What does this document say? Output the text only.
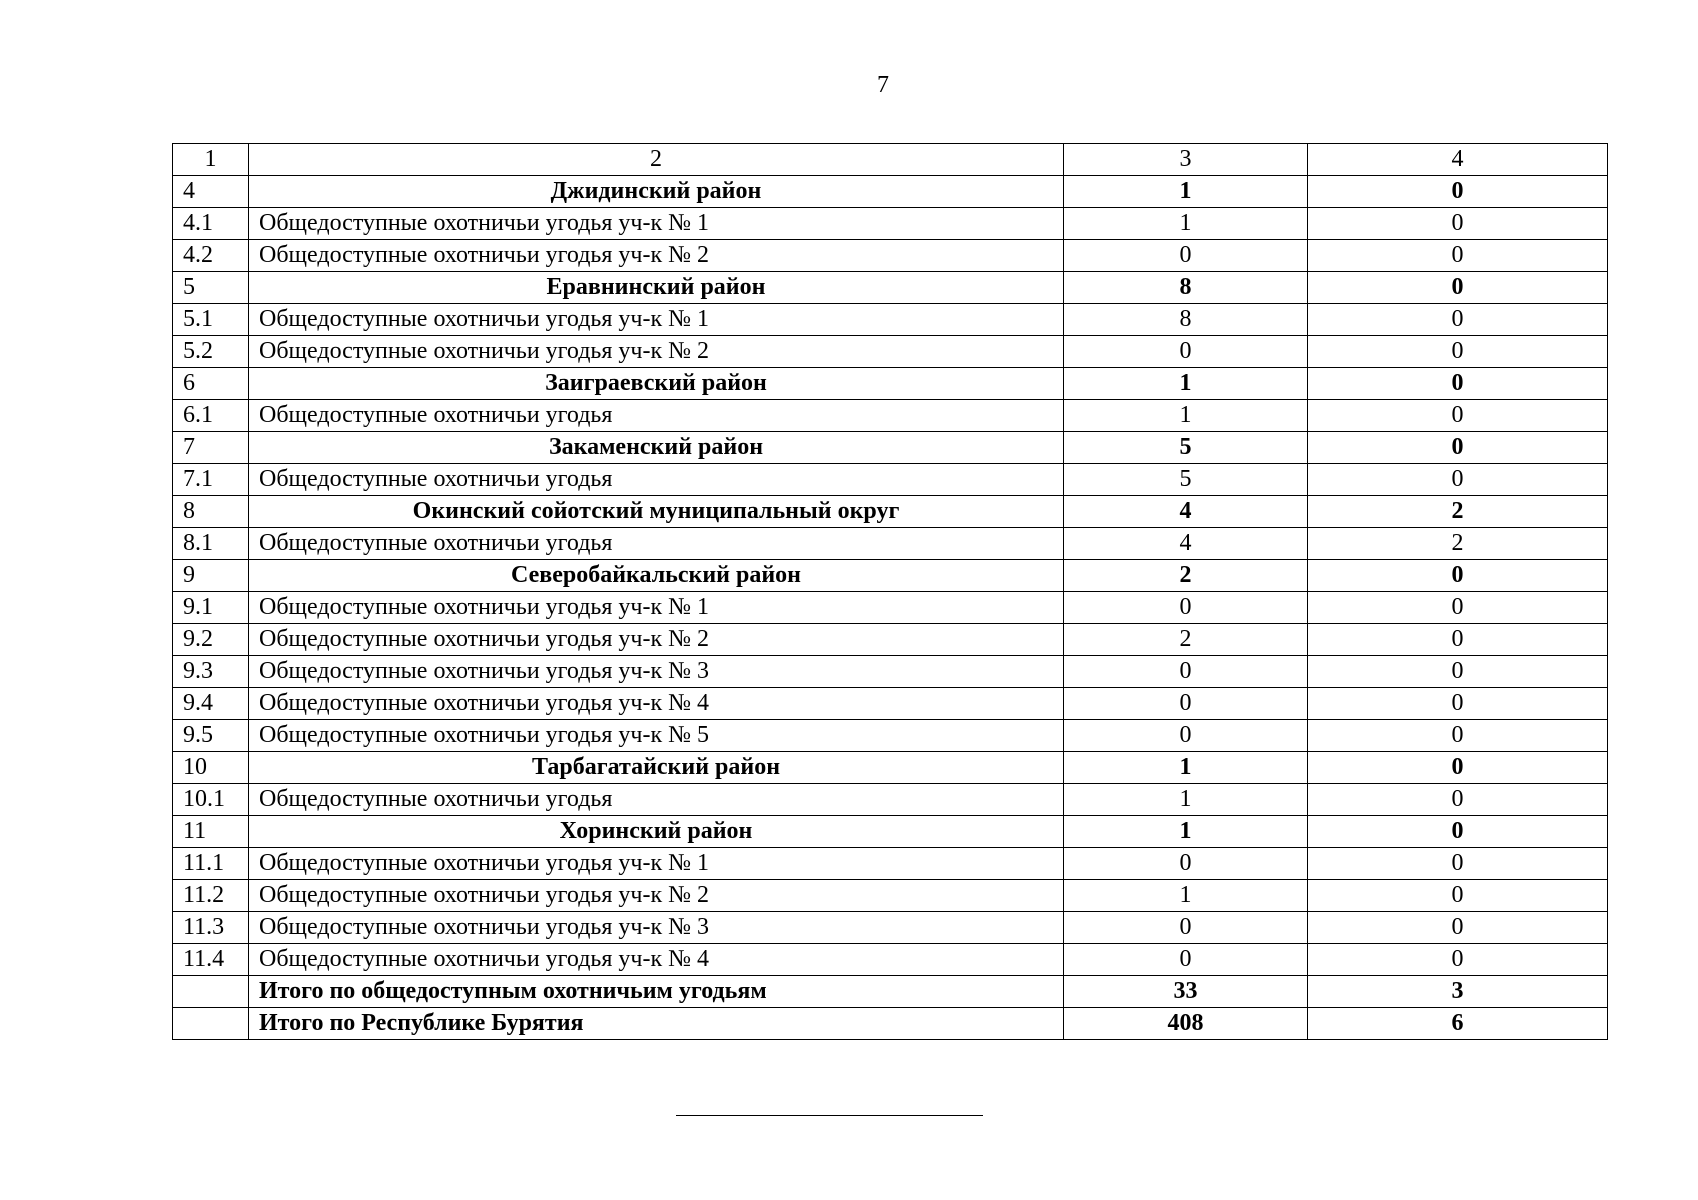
7
1	2	3	4
4	Джидинский район	1	0
4.1	Общедоступные охотничьи угодья уч-к № 1	1	0
4.2	Общедоступные охотничьи угодья уч-к № 2	0	0
5	Еравнинский район	8	0
5.1	Общедоступные охотничьи угодья уч-к № 1	8	0
5.2	Общедоступные охотничьи угодья уч-к № 2	0	0
6	Заиграевский район	1	0
6.1	Общедоступные охотничьи угодья	1	0
7	Закаменский район	5	0
7.1	Общедоступные охотничьи угодья	5	0
8	Окинский сойотский муниципальный округ	4	2
8.1	Общедоступные охотничьи угодья	4	2
9	Северобайкальский район	2	0
9.1	Общедоступные охотничьи угодья уч-к № 1	0	0
9.2	Общедоступные охотничьи угодья уч-к № 2	2	0
9.3	Общедоступные охотничьи угодья уч-к № 3	0	0
9.4	Общедоступные охотничьи угодья уч-к № 4	0	0
9.5	Общедоступные охотничьи угодья уч-к № 5	0	0
10	Тарбагатайский район	1	0
10.1	Общедоступные охотничьи угодья	1	0
11	Хоринский район	1	0
11.1	Общедоступные охотничьи угодья уч-к № 1	0	0
11.2	Общедоступные охотничьи угодья уч-к № 2	1	0
11.3	Общедоступные охотничьи угодья уч-к № 3	0	0
11.4	Общедоступные охотничьи угодья уч-к № 4	0	0
	Итого по общедоступным охотничьим угодьям	33	3
	Итого по Республике Бурятия	408	6
